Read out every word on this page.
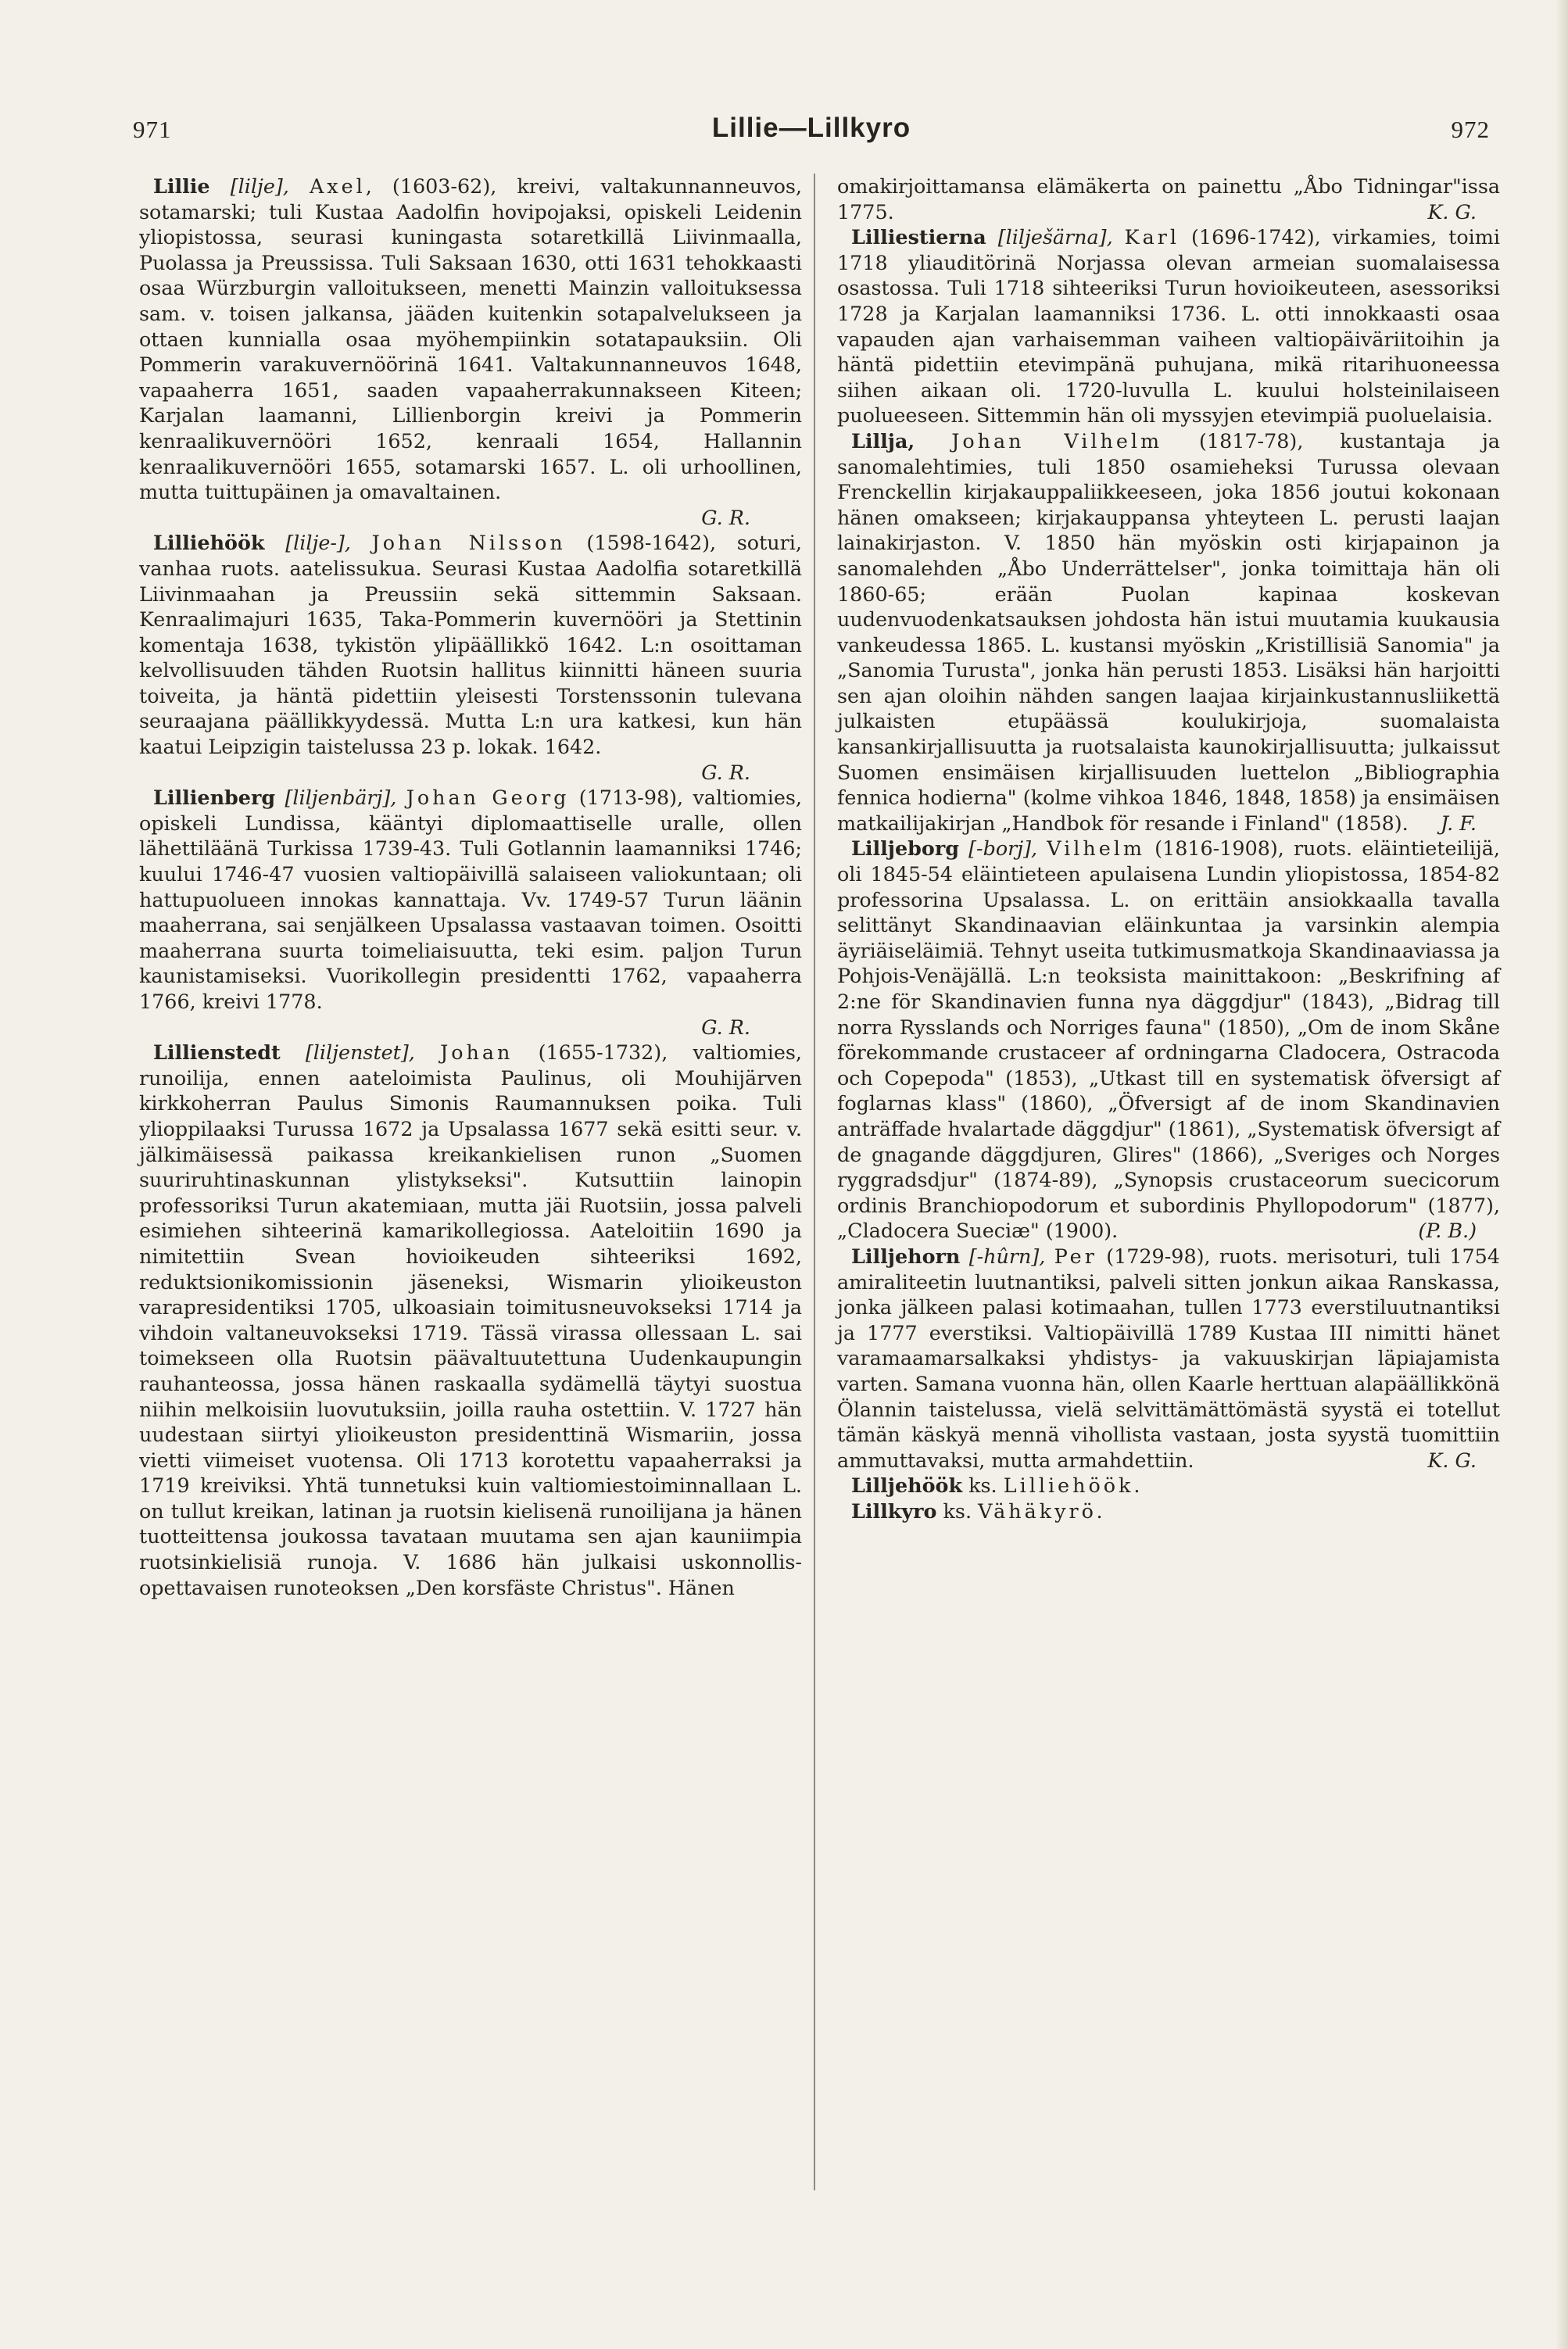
971	Lillie—Lillkyro	972

Lillie [lilje], Axel, (1603-62), kreivi, valtakunnanneuvos, sotamarski; tuli Kustaa Aadolfin hovipojaksi, opiskeli Leidenin yliopistossa, seurasi kuningasta sotaretkillä Liivinmaalla, Puolassa ja Preussissa. Tuli Saksaan 1630, otti 1631 tehokkaasti osaa Würzburgin valloitukseen, menetti Mainzin valloituksessa sam. v. toisen jalkansa, jääden kuitenkin sotapalvelukseen ja ottaen kunnialla osaa myöhempiinkin sotatapauksiin. Oli Pommerin varakuvernöörinä 1641. Valtakunnanneuvos 1648, vapaaherra 1651, saaden vapaaherrakunnakseen Kiteen; Karjalan laamanni, Lillienborgin kreivi ja Pommerin kenraalikuvernööri 1652, kenraali 1654, Hallannin kenraalikuvernööri 1655, sotamarski 1657. L. oli urhoollinen, mutta tuittupäinen ja omavaltainen.
G. R.

Lilliehöök [lilje-], Johan Nilsson (1598-1642), soturi, vanhaa ruots. aatelissukua. Seurasi Kustaa Aadolfia sotaretkillä Liivinmaahan ja Preussiin sekä sittemmin Saksaan. Kenraalimajuri 1635, Taka-Pommerin kuvernööri ja Stettinin komentaja 1638, tykistön ylipäällikkö 1642. L:n osoittaman kelvollisuuden tähden Ruotsin hallitus kiinnitti häneen suuria toiveita, ja häntä pidettiin yleisesti Torstenssonin tulevana seuraajana päällikkyydessä. Mutta L:n ura katkesi, kun hän kaatui Leipzigin taistelussa 23 p. lokak. 1642.
G. R.

Lillienberg [liljenbärj], Johan Georg (1713-98), valtiomies, opiskeli Lundissa, kääntyi diplomaattiselle uralle, ollen lähettiläänä Turkissa 1739-43. Tuli Gotlannin laamanniksi 1746; kuului 1746-47 vuosien valtiopäivillä salaiseen valiokuntaan; oli hattupuolueen innokas kannattaja. Vv. 1749-57 Turun läänin maaherrana, sai senjälkeen Upsalassa vastaavan toimen. Osoitti maaherrana suurta toimeliaisuutta, teki esim. paljon Turun kaunistamiseksi. Vuorikollegin presidentti 1762, vapaaherra 1766, kreivi 1778.
G. R.

Lillienstedt [liljenstet], Johan (1655-1732), valtiomies, runoilija, ennen aateloimista Paulinus, oli Mouhijärven kirkkoherran Paulus Simonis Raumannuksen poika. Tuli ylioppilaaksi Turussa 1672 ja Upsalassa 1677 sekä esitti seur. v. jälkimäisessä paikassa kreikankielisen runon „Suomen suuriruhtinaskunnan ylistykseksi". Kutsuttiin lainopin professoriksi Turun akatemiaan, mutta jäi Ruotsiin, jossa palveli esimiehen sihteerinä kamarikollegiossa. Aateloitiin 1690 ja nimitettiin Svean hovioikeuden sihteeriksi 1692, reduktsionikomissionin jäseneksi, Wismarin ylioikeuston varapresidentiksi 1705, ulkoasiain toimitusneuvokseksi 1714 ja vihdoin valtaneuvokseksi 1719. Tässä virassa ollessaan L. sai toimekseen olla Ruotsin päävaltuutettuna Uudenkaupungin rauhanteossa, jossa hänen raskaalla sydämellä täytyi suostua niihin melkoisiin luovutuksiin, joilla rauha ostettiin. V. 1727 hän uudestaan siirtyi ylioikeuston presidenttinä Wismariin, jossa vietti viimeiset vuotensa. Oli 1713 korotettu vapaaherraksi ja 1719 kreiviksi. Yhtä tunnetuksi kuin valtiomiestoiminnallaan L. on tullut kreikan, latinan ja ruotsin kielisenä runoilijana ja hänen tuotteittensa joukossa tavataan muutama sen ajan kauniimpia ruotsinkielisiä runoja. V. 1686 hän julkaisi uskonnollis-opettavaisen runoteoksen „Den korsfäste Christus". Hänen

omakirjoittamansa elämäkerta on painettu „Åbo Tidningar"issa 1775.	K. G.

Lilliestierna [lilješärna], Karl (1696-1742), virkamies, toimi 1718 yliauditörinä Norjassa olevan armeian suomalaisessa osastossa. Tuli 1718 sihteeriksi Turun hovioikeuteen, asessoriksi 1728 ja Karjalan laamanniksi 1736. L. otti innokkaasti osaa vapauden ajan varhaisemman vaiheen valtiopäiväriitoihin ja häntä pidettiin etevimpänä puhujana, mikä ritarihuoneessa siihen aikaan oli. 1720-luvulla L. kuului holsteinilaiseen puolueeseen. Sittemmin hän oli myssyjen etevimpiä puoluelaisia.

Lillja, Johan Vilhelm (1817-78), kustantaja ja sanomalehtimies, tuli 1850 osamieheksi Turussa olevaan Frenckellin kirjakauppaliikkeeseen, joka 1856 joutui kokonaan hänen omakseen; kirjakauppansa yhteyteen L. perusti laajan lainakirjaston. V. 1850 hän myöskin osti kirjapainon ja sanomalehden „Åbo Underrättelser", jonka toimittaja hän oli 1860-65; erään Puolan kapinaa koskevan uudenvuodenkatsauksen johdosta hän istui muutamia kuukausia vankeudessa 1865. L. kustansi myöskin „Kristillisiä Sanomia" ja „Sanomia Turusta", jonka hän perusti 1853. Lisäksi hän harjoitti sen ajan oloihin nähden sangen laajaa kirjainkustannusliikettä julkaisten etupäässä koulukirjoja, suomalaista kansankirjallisuutta ja ruotsalaista kaunokirjallisuutta; julkaissut Suomen ensimäisen kirjallisuuden luettelon „Bibliographia fennica hodierna" (kolme vihkoa 1846, 1848, 1858) ja ensimäisen matkailijakirjan „Handbok för resande i Finland" (1858).	J. F.

Lilljeborg [-borj], Vilhelm (1816-1908), ruots. eläintieteilijä, oli 1845-54 eläintieteen apulaisena Lundin yliopistossa, 1854-82 professorina Upsalassa. L. on erittäin ansiokkaalla tavalla selittänyt Skandinaavian eläinkuntaa ja varsinkin alempia äyriäiseläimiä. Tehnyt useita tutkimusmatkoja Skandinaaviassa ja Pohjois-Venäjällä. L:n teoksista mainittakoon: „Beskrifning af 2:ne för Skandinavien funna nya däggdjur" (1843), „Bidrag till norra Rysslands och Norriges fauna" (1850), „Om de inom Skåne förekommande crustaceer af ordningarna Cladocera, Ostracoda och Copepoda" (1853), „Utkast till en systematisk öfversigt af foglarnas klass" (1860), „Öfversigt af de inom Skandinavien anträffade hvalartade däggdjur" (1861), „Systematisk öfversigt af de gnagande däggdjuren, Glires" (1866), „Sveriges och Norges ryggradsdjur" (1874-89), „Synopsis crustaceorum suecicorum ordinis Branchiopodorum et subordinis Phyllopodorum" (1877), „Cladocera Sueciæ" (1900).	(P. B.)

Lilljehorn [-hûrn], Per (1729-98), ruots. merisoturi, tuli 1754 amiraliteetin luutnantiksi, palveli sitten jonkun aikaa Ranskassa, jonka jälkeen palasi kotimaahan, tullen 1773 everstiluutnantiksi ja 1777 everstiksi. Valtiopäivillä 1789 Kustaa III nimitti hänet varamaamarsalkaksi yhdistys- ja vakuuskirjan läpiajamista varten. Samana vuonna hän, ollen Kaarle herttuan alapäällikkönä Ölannin taistelussa, vielä selvittämättömästä syystä ei totellut tämän käskyä mennä vihollista vastaan, josta syystä tuomittiin ammuttavaksi, mutta armahdettiin.	K. G.

Lilljehöök ks. Lilliehöök.

Lillkyro ks. Vähäkyrö.
